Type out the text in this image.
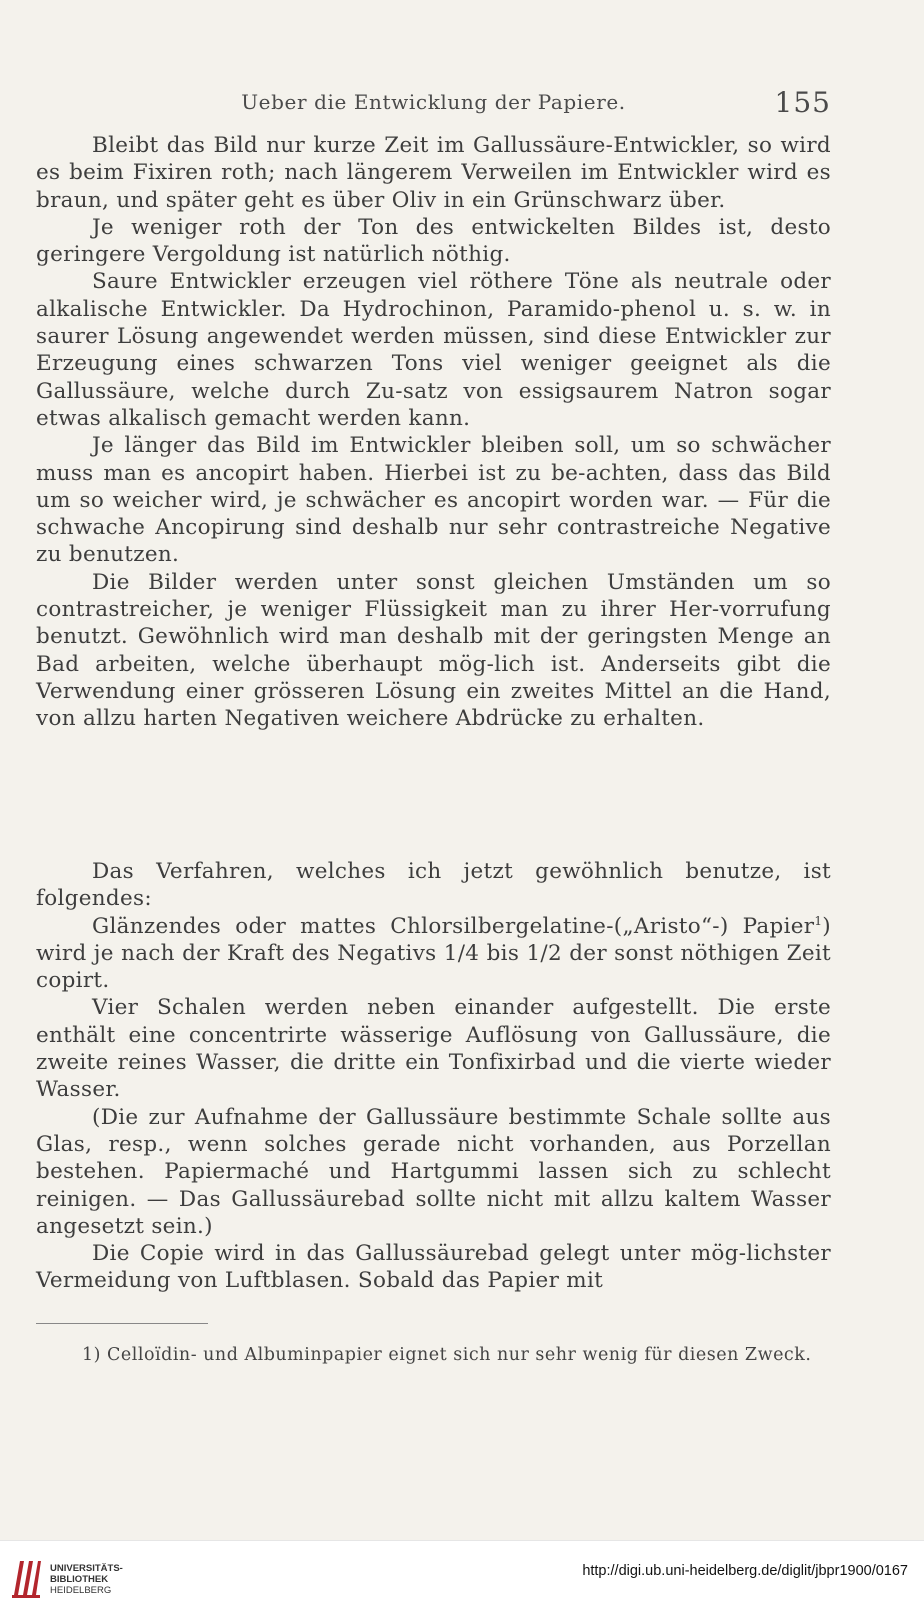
Ueber die Entwicklung der Papiere.	155

Bleibt das Bild nur kurze Zeit im Gallussäure-Entwickler, so wird es beim Fixiren roth; nach längerem Verweilen im Entwickler wird es braun, und später geht es über Oliv in ein Grünschwarz über.

Je weniger roth der Ton des entwickelten Bildes ist, desto geringere Vergoldung ist natürlich nöthig.

Saure Entwickler erzeugen viel röthere Töne als neutrale oder alkalische Entwickler. Da Hydrochinon, Paramido-phenol u. s. w. in saurer Lösung angewendet werden müssen, sind diese Entwickler zur Erzeugung eines schwarzen Tons viel weniger geeignet als die Gallussäure, welche durch Zu-satz von essigsaurem Natron sogar etwas alkalisch gemacht werden kann.

Je länger das Bild im Entwickler bleiben soll, um so schwächer muss man es ancopirt haben. Hierbei ist zu be-achten, dass das Bild um so weicher wird, je schwächer es ancopirt worden war. — Für die schwache Ancopirung sind deshalb nur sehr contrastreiche Negative zu benutzen.

Die Bilder werden unter sonst gleichen Umständen um so contrastreicher, je weniger Flüssigkeit man zu ihrer Her-vorrufung benutzt. Gewöhnlich wird man deshalb mit der geringsten Menge an Bad arbeiten, welche überhaupt mög-lich ist. Anderseits gibt die Verwendung einer grösseren Lösung ein zweites Mittel an die Hand, von allzu harten Negativen weichere Abdrücke zu erhalten.

Das Verfahren, welches ich jetzt gewöhnlich benutze, ist folgendes:

Glänzendes oder mattes Chlorsilbergelatine-(„Aristo“-) Papier$^1$) wird je nach der Kraft des Negativs 1/4 bis 1/2 der sonst nöthigen Zeit copirt.

Vier Schalen werden neben einander aufgestellt. Die erste enthält eine concentrirte wässerige Auflösung von Gallussäure, die zweite reines Wasser, die dritte ein Tonfixirbad und die vierte wieder Wasser.

(Die zur Aufnahme der Gallussäure bestimmte Schale sollte aus Glas, resp., wenn solches gerade nicht vorhanden, aus Porzellan bestehen. Papiermaché und Hartgummi lassen sich zu schlecht reinigen. — Das Gallussäurebad sollte nicht mit allzu kaltem Wasser angesetzt sein.)

Die Copie wird in das Gallussäurebad gelegt unter mög-lichster Vermeidung von Luftblasen. Sobald das Papier mit

1) Celloïdin- und Albuminpapier eignet sich nur sehr wenig für diesen Zweck.
UNIVERSITÄTS-
BIBLIOTHEK
HEIDELBERG
http://digi.ub.uni-heidelberg.de/diglit/jbpr1900/0167
